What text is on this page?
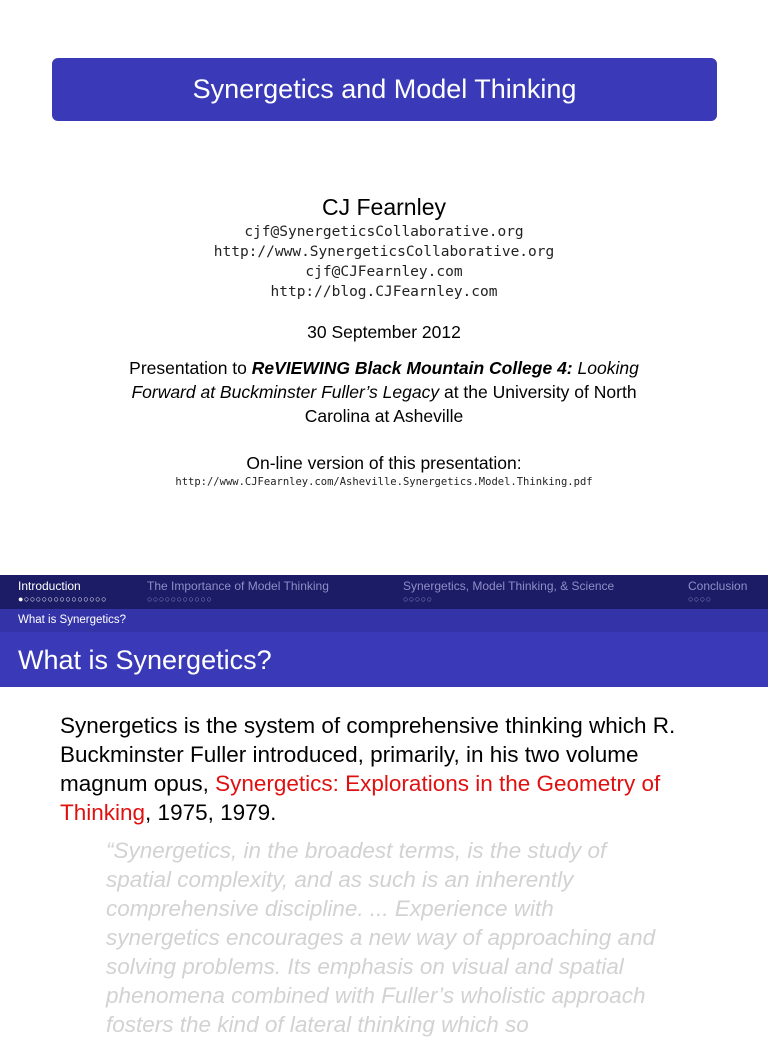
Synergetics and Model Thinking
CJ Fearnley
cjf@SynergeticsCollaborative.org
http://www.SynergeticsCollaborative.org
cjf@CJFearnley.com
http://blog.CJFearnley.com
30 September 2012
Presentation to ReVIEWING Black Mountain College 4: Looking Forward at Buckminster Fuller’s Legacy at the University of North Carolina at Asheville
On-line version of this presentation:
http://www.CJFearnley.com/Asheville.Synergetics.Model.Thinking.pdf
Introduction
●○○○○○○○○○○○○○○
The Importance of Model Thinking
○○○○○○○○○○○
Synergetics, Model Thinking, & Science
○○○○○
Conclusion
○○○○
What is Synergetics?
What is Synergetics?
Synergetics is the system of comprehensive thinking which R. Buckminster Fuller introduced, primarily, in his two volume magnum opus, Synergetics: Explorations in the Geometry of Thinking, 1975, 1979.
“Synergetics, in the broadest terms, is the study of spatial complexity, and as such is an inherently comprehensive discipline. ... Experience with synergetics encourages a new way of approaching and solving problems. Its emphasis on visual and spatial phenomena combined with Fuller’s wholistic approach fosters the kind of lateral thinking which so
